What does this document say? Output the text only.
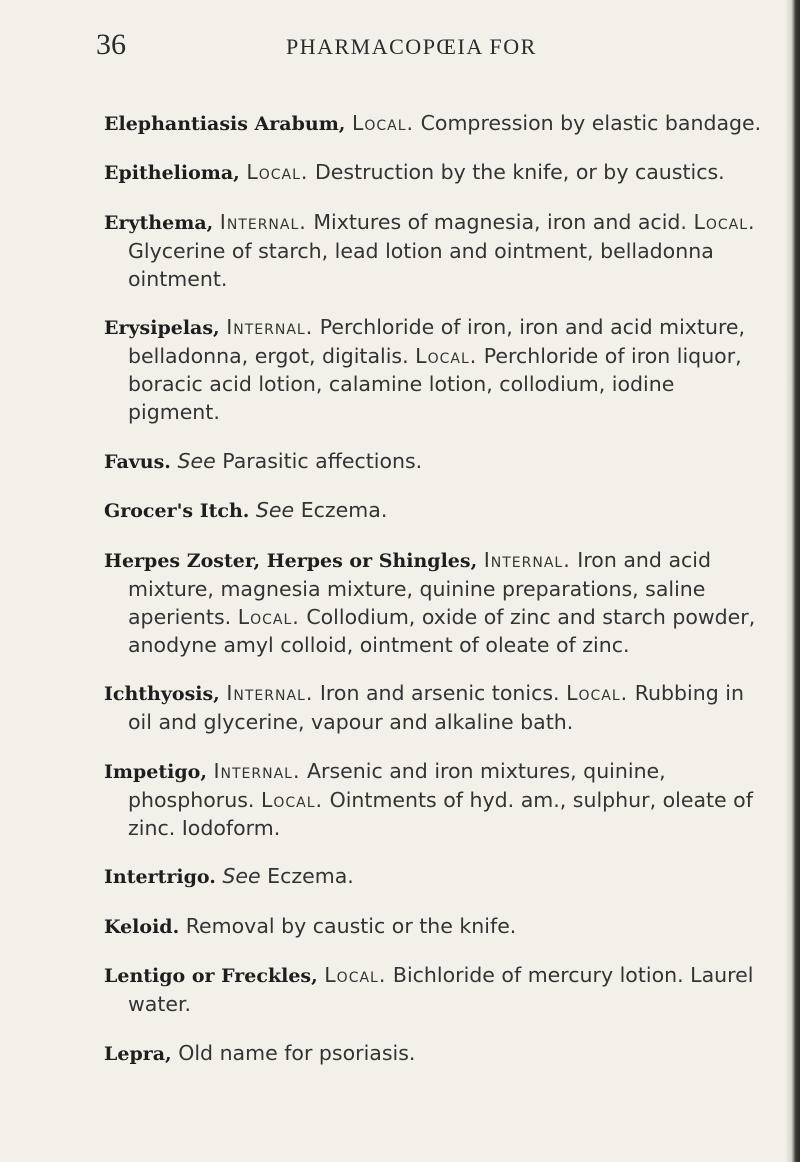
36	PHARMACOPŒIA FOR

Elephantiasis Arabum, Local. Compression by elastic bandage.

Epithelioma, Local. Destruction by the knife, or by caustics.

Erythema, Internal. Mixtures of magnesia, iron and acid. Local. Glycerine of starch, lead lotion and ointment, belladonna ointment.

Erysipelas, Internal. Perchloride of iron, iron and acid mixture, belladonna, ergot, digitalis. Local. Perchloride of iron liquor, boracic acid lotion, calamine lotion, collodium, iodine pigment.

Favus. See Parasitic affections.

Grocer's Itch. See Eczema.

Herpes Zoster, Herpes or Shingles, Internal. Iron and acid mixture, magnesia mixture, quinine preparations, saline aperients. Local. Collodium, oxide of zinc and starch powder, anodyne amyl colloid, ointment of oleate of zinc.

Ichthyosis, Internal. Iron and arsenic tonics. Local. Rubbing in oil and glycerine, vapour and alkaline bath.

Impetigo, Internal. Arsenic and iron mixtures, quinine, phosphorus. Local. Ointments of hyd. am., sulphur, oleate of zinc. Iodoform.

Intertrigo. See Eczema.

Keloid. Removal by caustic or the knife.

Lentigo or Freckles, Local. Bichloride of mercury lotion. Laurel water.

Lepra, Old name for psoriasis.
